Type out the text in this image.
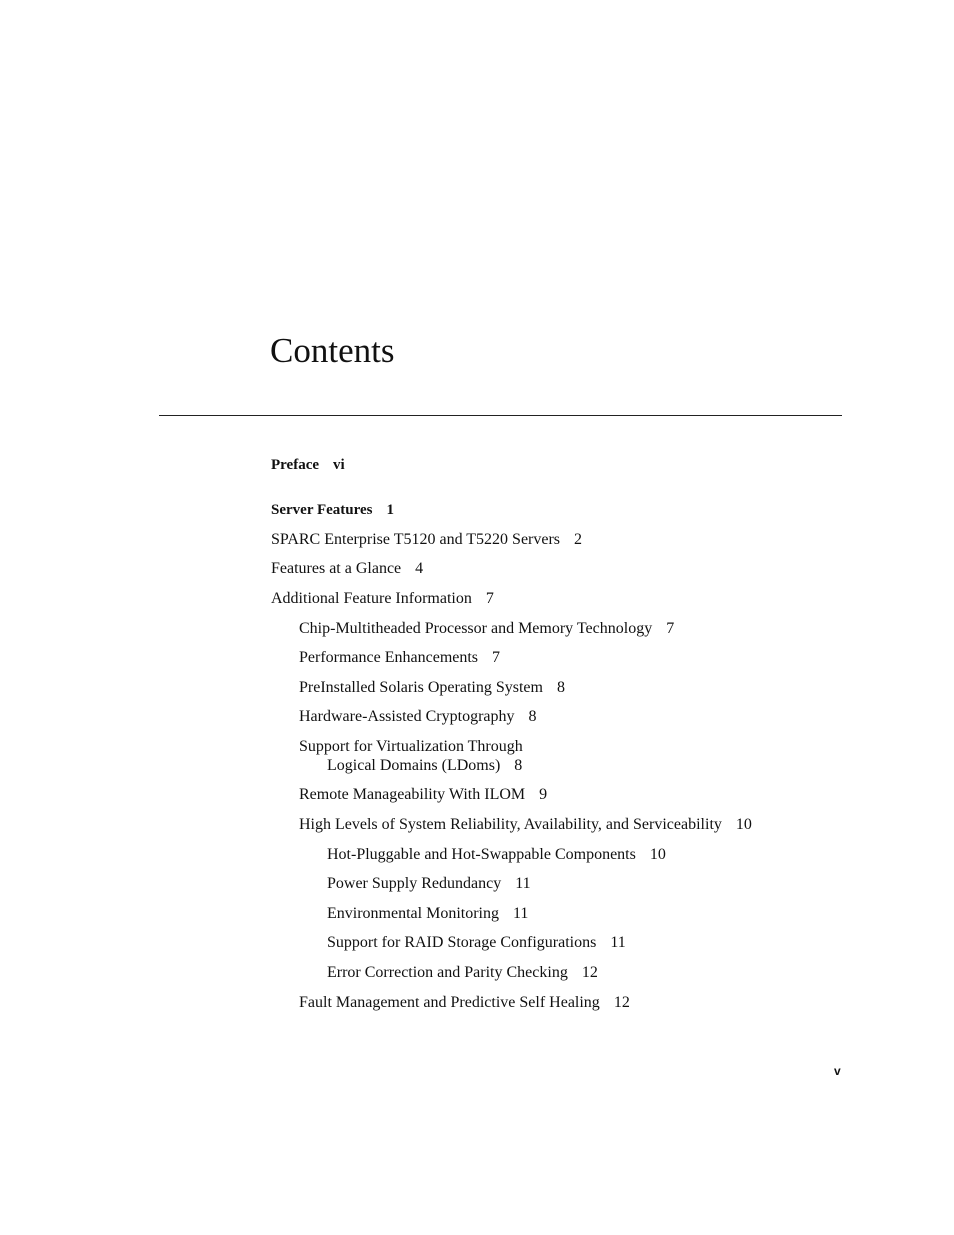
Contents
Preface vi
Server Features 1
SPARC Enterprise T5120 and T5220 Servers 2
Features at a Glance 4
Additional Feature Information 7
Chip-Multitheaded Processor and Memory Technology 7
Performance Enhancements 7
PreInstalled Solaris Operating System 8
Hardware-Assisted Cryptography 8
Support for Virtualization Through
Logical Domains (LDoms) 8
Remote Manageability With ILOM 9
High Levels of System Reliability, Availability, and Serviceability 10
Hot-Pluggable and Hot-Swappable Components 10
Power Supply Redundancy 11
Environmental Monitoring 11
Support for RAID Storage Configurations 11
Error Correction and Parity Checking 12
Fault Management and Predictive Self Healing 12
v
